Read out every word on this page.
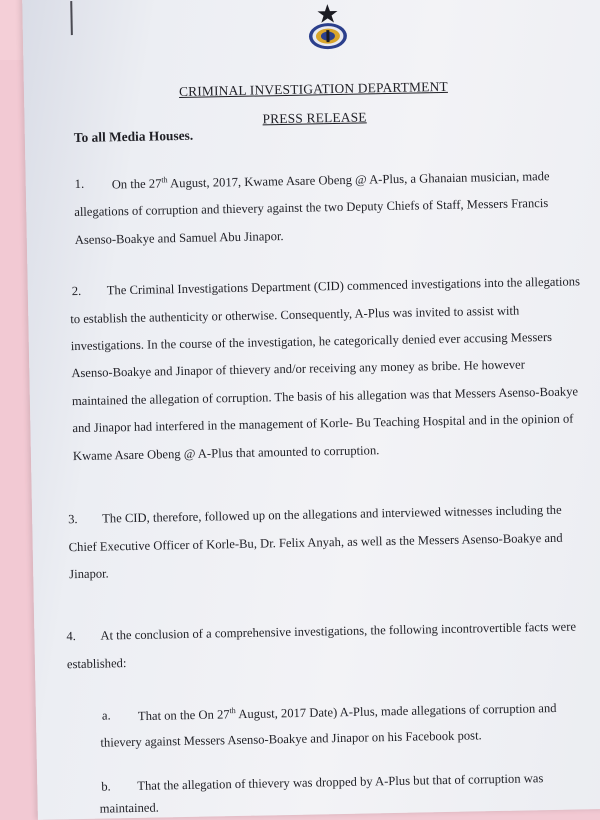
CRIMINAL INVESTIGATION DEPARTMENT
PRESS RELEASE
To all Media Houses.
1. On the 27th August, 2017, Kwame Asare Obeng @ A-Plus, a Ghanaian musician, made
allegations of corruption and thievery against the two Deputy Chiefs of Staff, Messers Francis
Asenso-Boakye and Samuel Abu Jinapor.
2. The Criminal Investigations Department (CID) commenced investigations into the allegations
to establish the authenticity or otherwise. Consequently, A-Plus was invited to assist with
investigations. In the course of the investigation, he categorically denied ever accusing Messers
Asenso-Boakye and Jinapor of thievery and/or receiving any money as bribe. He however
maintained the allegation of corruption. The basis of his allegation was that Messers Asenso-Boakye
and Jinapor had interfered in the management of Korle- Bu Teaching Hospital and in the opinion of
Kwame Asare Obeng @ A-Plus that amounted to corruption.
3. The CID, therefore, followed up on the allegations and interviewed witnesses including the
Chief Executive Officer of Korle-Bu, Dr. Felix Anyah, as well as the Messers Asenso-Boakye and
Jinapor.
4. At the conclusion of a comprehensive investigations, the following incontrovertible facts were
established:
a. That on the On 27th August, 2017 Date) A-Plus, made allegations of corruption and
thievery against Messers Asenso-Boakye and Jinapor on his Facebook post.
b. That the allegation of thievery was dropped by A-Plus but that of corruption was
maintained.
